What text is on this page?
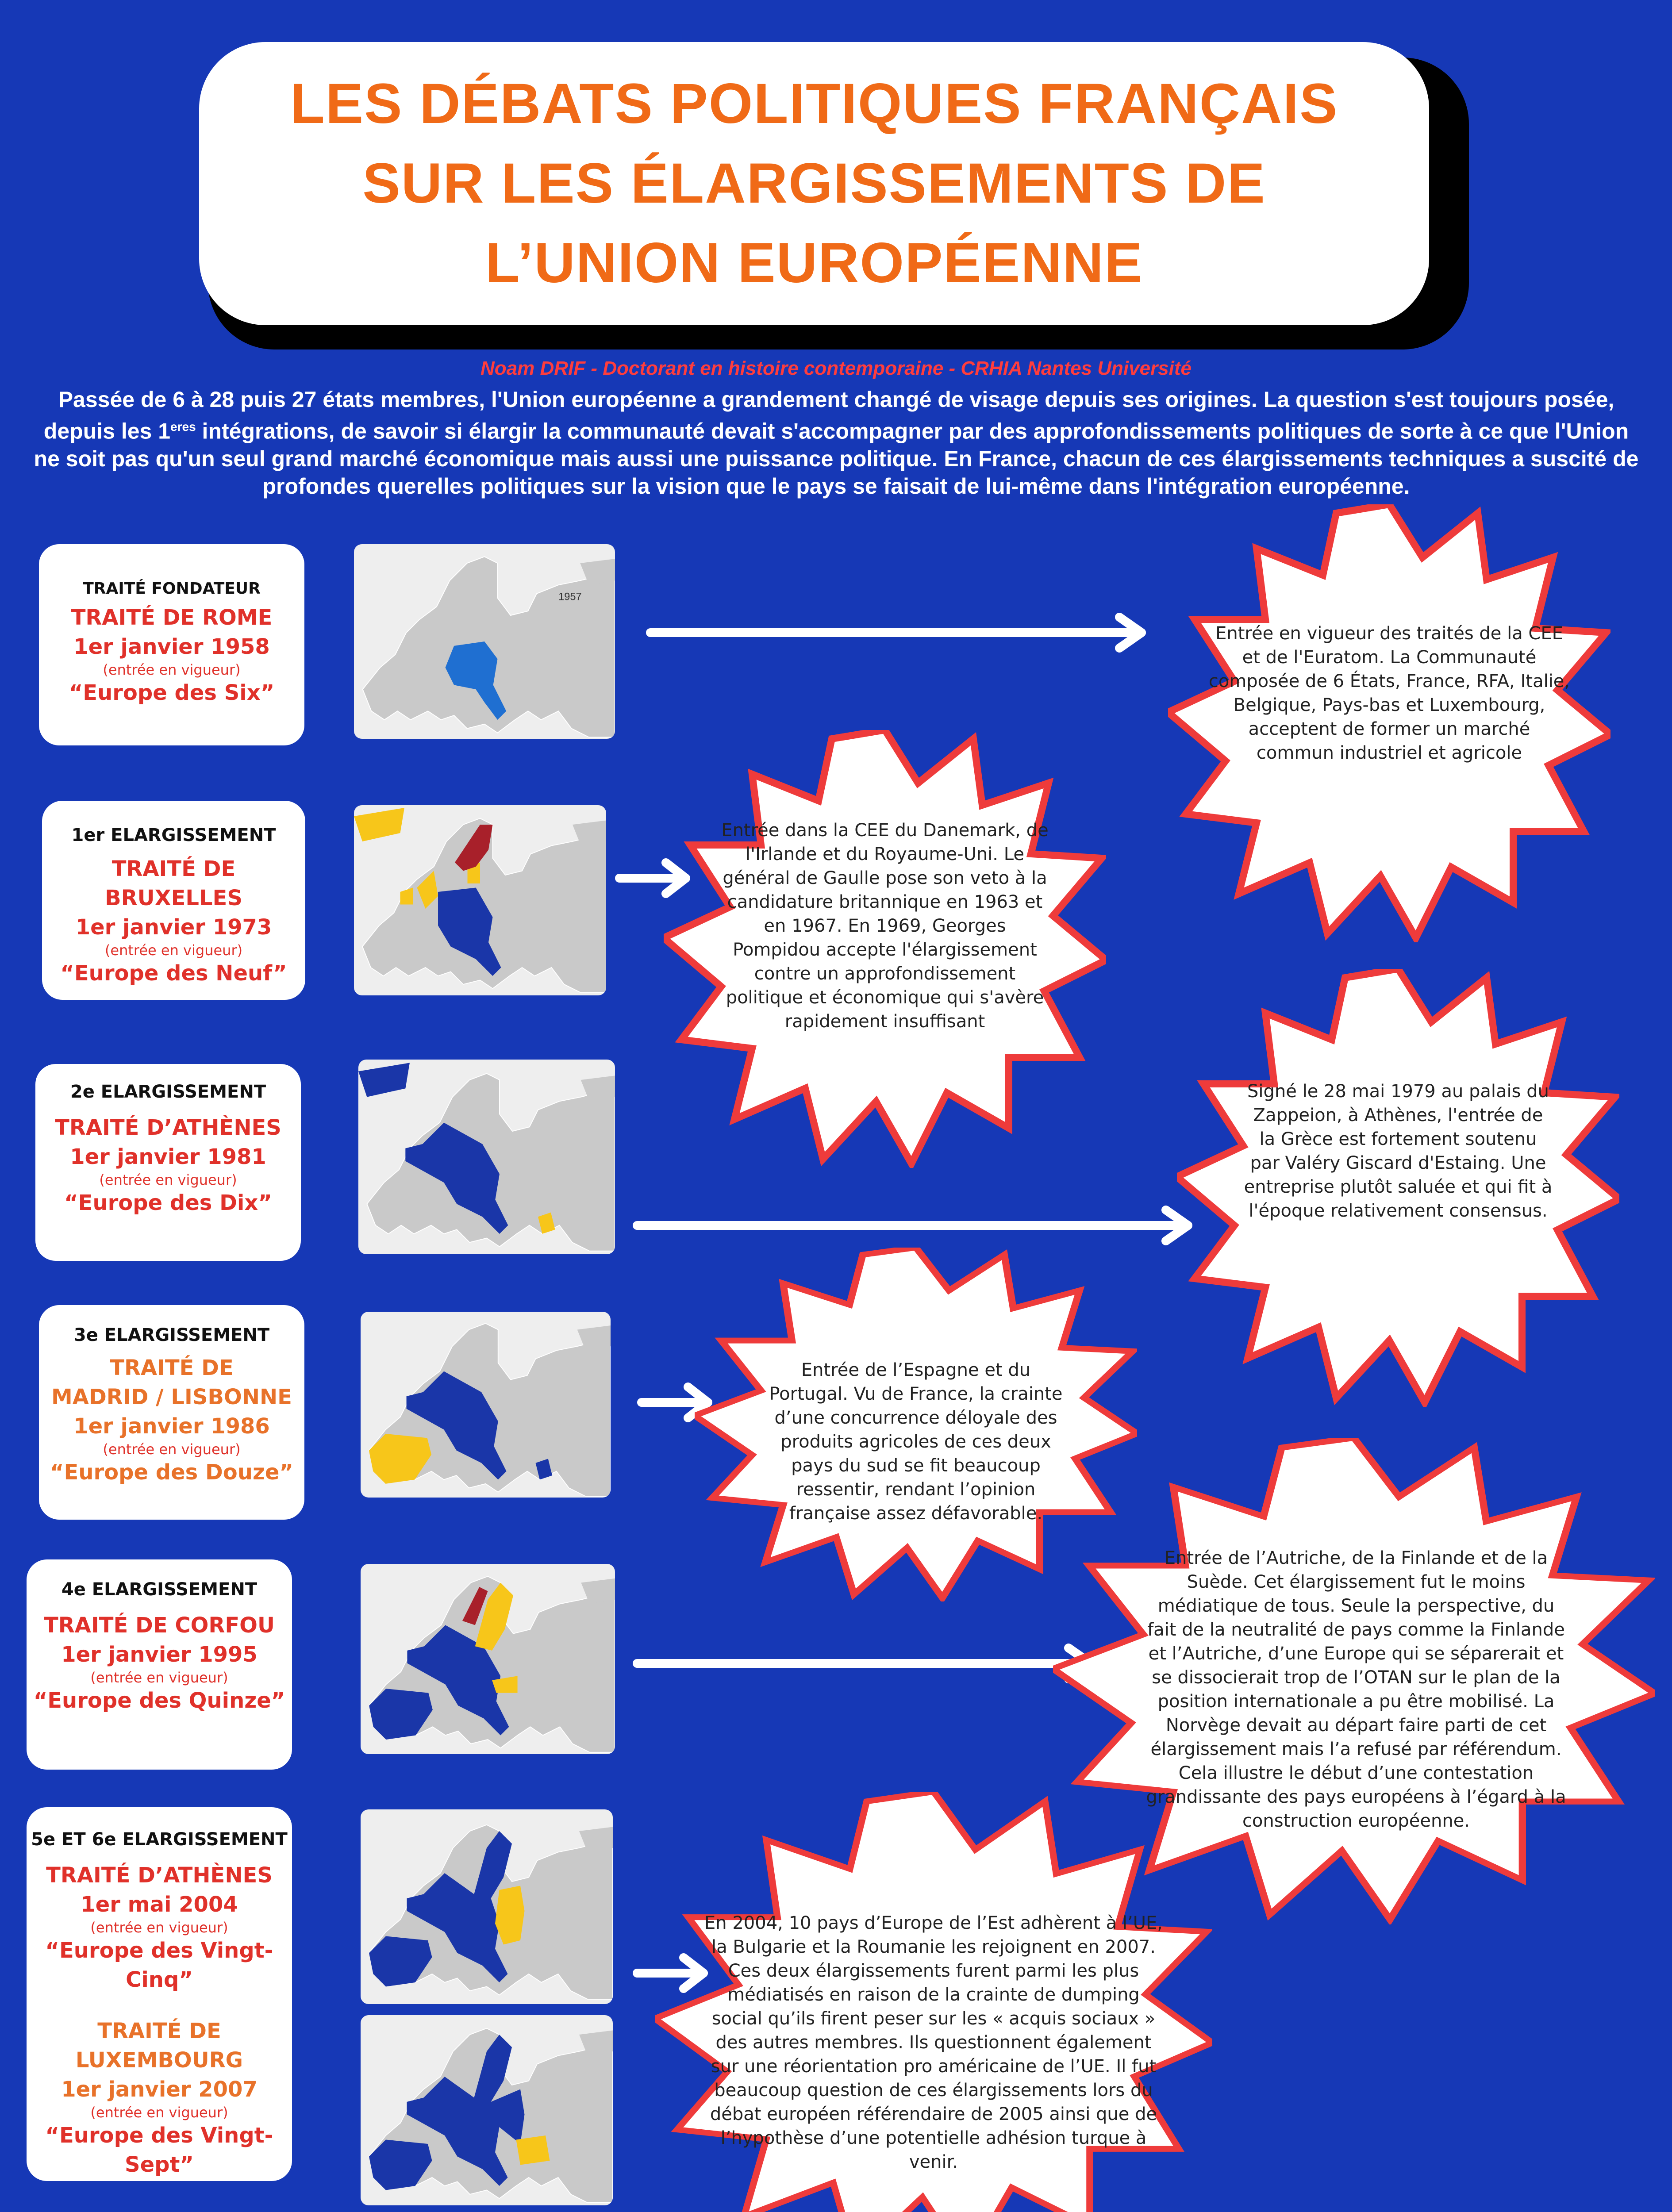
LES DÉBATS POLITIQUES FRANÇAIS
SUR LES ÉLARGISSEMENTS DE
L’UNION EUROPÉENNE
Noam DRIF - Doctorant en histoire contemporaine - CRHIA Nantes Université
Passée de 6 à 28 puis 27 états membres, l'Union européenne a grandement changé de visage depuis ses origines. La question s'est toujours posée, depuis les $1^{eres}$ intégrations, de savoir si élargir la communauté devait s'accompagner par des approfondissements politiques de sorte à ce que l'Union ne soit pas qu'un seul grand marché économique mais aussi une puissance politique. En France, chacun de ces élargissements techniques a suscité de profondes querelles politiques sur la vision que le pays se faisait de lui-même dans l'intégration européenne.
TRAITÉ FONDATEUR
TRAITÉ DE ROME
1er janvier 1958
(entrée en vigueur)
“Europe des Six”
1957
Entrée en vigueur des traités de la CEE et de l'Euratom. La Communauté composée de 6 États, France, RFA, Italie, Belgique, Pays-bas et Luxembourg, acceptent de former un marché commun industriel et agricole
1er ELARGISSEMENT
TRAITÉ DE BRUXELLES
1er janvier 1973
(entrée en vigueur)
“Europe des Neuf”
Entrée dans la CEE du Danemark, de l'Irlande et du Royaume-Uni. Le général de Gaulle pose son veto à la candidature britannique en 1963 et en 1967. En 1969, Georges Pompidou accepte l'élargissement contre un approfondissement politique et économique qui s'avère rapidement insuffisant
2e ELARGISSEMENT
TRAITÉ D’ATHÈNES
1er janvier 1981
(entrée en vigueur)
“Europe des Dix”
Signé le 28 mai 1979 au palais du Zappeion, à Athènes, l'entrée de la Grèce est fortement soutenu par Valéry Giscard d'Estaing. Une entreprise plutôt saluée et qui fit à l'époque relativement consensus.
3e ELARGISSEMENT
TRAITÉ DE
MADRID / LISBONNE
1er janvier 1986
(entrée en vigueur)
“Europe des Douze”
Entrée de l’Espagne et du Portugal. Vu de France, la crainte d’une concurrence déloyale des produits agricoles de ces deux pays du sud se fit beaucoup ressentir, rendant l’opinion française assez défavorable.
4e ELARGISSEMENT
TRAITÉ DE CORFOU
1er janvier 1995
(entrée en vigueur)
“Europe des Quinze”
Entrée de l’Autriche, de la Finlande et de la Suède. Cet élargissement fut le moins médiatique de tous. Seule la perspective, du fait de la neutralité de pays comme la Finlande et l’Autriche, d’une Europe qui se séparerait et se dissocierait trop de l’OTAN sur le plan de la position internationale a pu être mobilisé. La Norvège devait au départ faire parti de cet élargissement mais l’a refusé par référendum. Cela illustre le début d’une contestation grandissante des pays européens à l’égard à la construction européenne.
5e ET 6e ELARGISSEMENT
TRAITÉ D’ATHÈNES
1er mai 2004
(entrée en vigueur)
“Europe des Vingt-Cinq”
TRAITÉ DE
LUXEMBOURG
1er janvier 2007
(entrée en vigueur)
“Europe des Vingt-Sept”
En 2004, 10 pays d’Europe de l’Est adhèrent à l’UE, la Bulgarie et la Roumanie les rejoignent en 2007. Ces deux élargissements furent parmi les plus médiatisés en raison de la crainte de dumping social qu’ils firent peser sur les « acquis sociaux » des autres membres. Ils questionnent également sur une réorientation pro américaine de l’UE. Il fut beaucoup question de ces élargissements lors du débat européen référendaire de 2005 ainsi que de l’hypothèse d’une potentielle adhésion turque à venir.
